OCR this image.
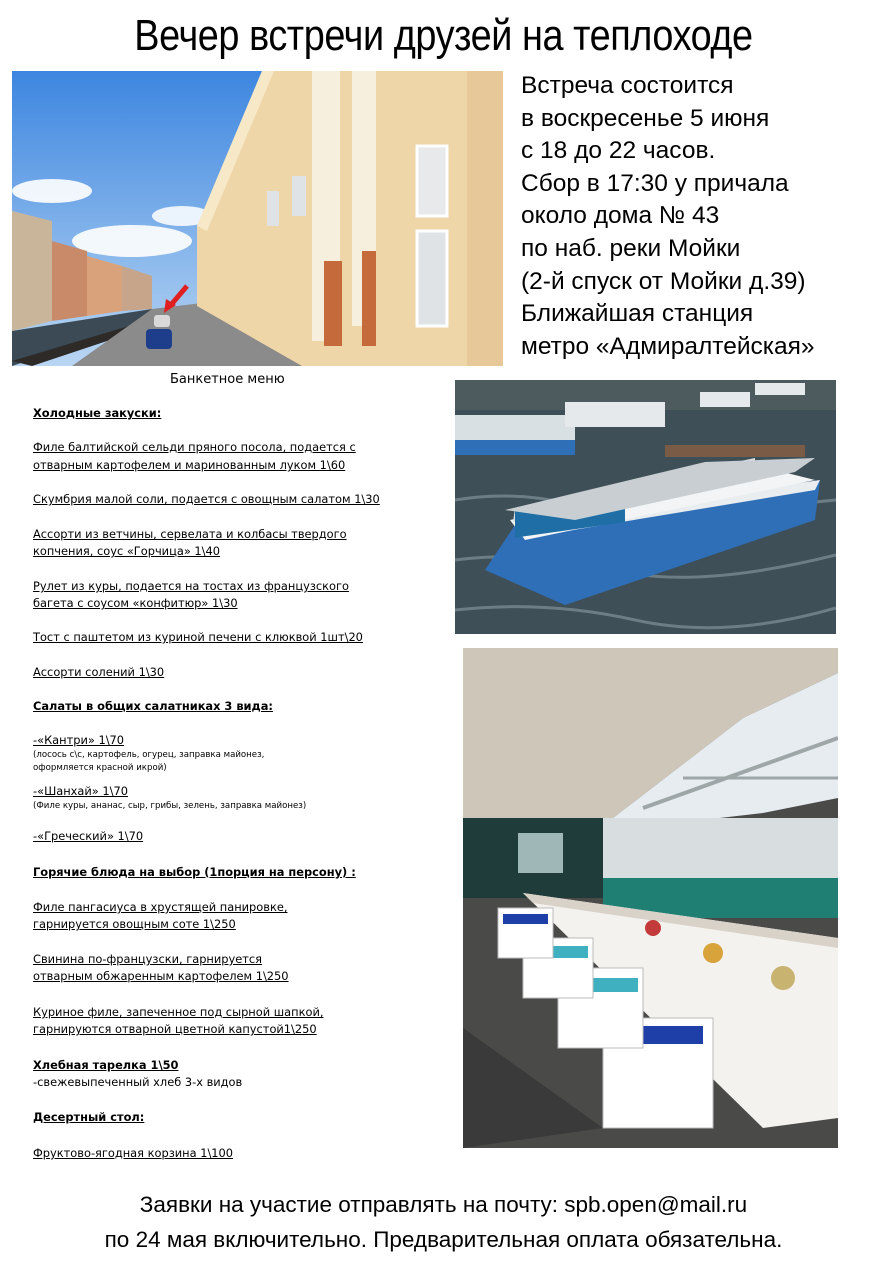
Вечер встречи друзей на теплоходе
Встреча состоится
в воскресенье 5 июня
с 18 до 22 часов.
Сбор в 17:30 у причала
около дома № 43
по наб. реки Мойки
(2-й спуск от Мойки д.39)
Ближайшая станция
метро «Адмиралтейская»
Банкетное меню
Холодные закуски:
Филе балтийской сельди пряного посола, подается с
отварным картофелем и маринованным луком 1\60
Скумбрия малой соли, подается с овощным салатом 1\30
Ассорти из ветчины, сервелата и колбасы твердого
копчения, соус «Горчица» 1\40
Рулет из куры, подается на тостах из французского
багета с соусом «конфитюр» 1\30
Тост с паштетом из куриной печени с клюквой 1шт\20
Ассорти солений 1\30
Салаты в общих салатниках 3 вида:
-«Кантри» 1\70
(лосось с\с, картофель, огурец, заправка майонез,
оформляется красной икрой)
-«Шанхай» 1\70
(Филе куры, ананас, сыр, грибы, зелень, заправка майонез)
-«Греческий» 1\70
Горячие блюда на выбор (1порция на персону) :
Филе пангасиуса в хрустящей панировке,
гарнируется овощным соте 1\250
Свинина по-французски, гарнируется
отварным обжаренным картофелем 1\250
Куриное филе, запеченное под сырной шапкой,
гарнируются отварной цветной капустой1\250
Хлебная тарелка 1\50
-свежевыпеченный хлеб 3-х видов
Десертный стол:
Фруктово-ягодная корзина 1\100
Заявки на участие отправлять на почту: spb.open@mail.ru
по 24 мая включительно. Предварительная оплата обязательна.
